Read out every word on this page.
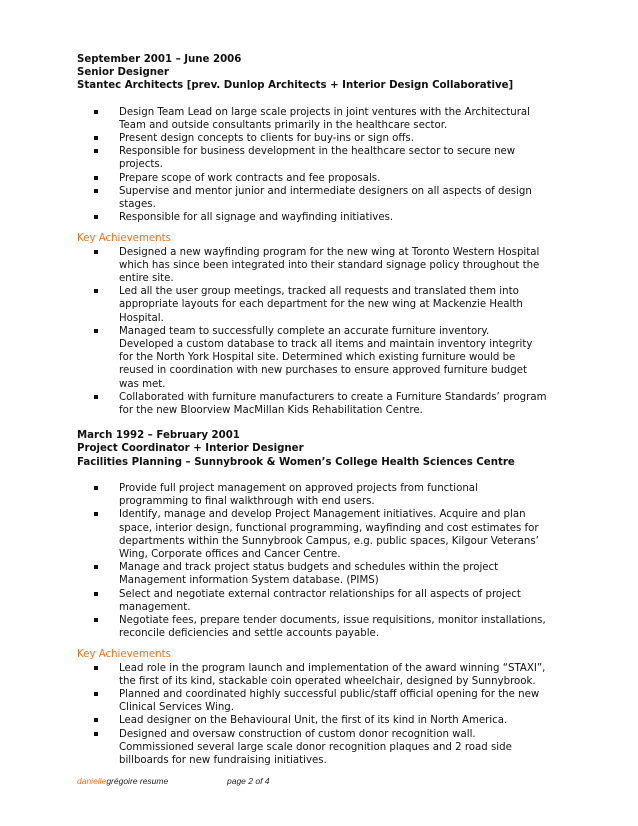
September 2001 – June 2006

Senior Designer

Stantec Architects [prev. Dunlop Architects + Interior Design Collaborative]

Design Team Lead on large scale projects in joint ventures with the Architectural Team and outside consultants primarily in the healthcare sector.
Present design concepts to clients for buy-ins or sign offs.
Responsible for business development in the healthcare sector to secure new projects.
Prepare scope of work contracts and fee proposals.
Supervise and mentor junior and intermediate designers on all aspects of design stages.
Responsible for all signage and wayfinding initiatives.

Key Achievements

Designed a new wayfinding program for the new wing at Toronto Western Hospital which has since been integrated into their standard signage policy throughout the entire site.
Led all the user group meetings, tracked all requests and translated them into appropriate layouts for each department for the new wing at Mackenzie Health Hospital.
Managed team to successfully complete an accurate furniture inventory. Developed a custom database to track all items and maintain inventory integrity for the North York Hospital site. Determined which existing furniture would be reused in coordination with new purchases to ensure approved furniture budget was met.
Collaborated with furniture manufacturers to create a Furniture Standards’ program for the new Bloorview MacMillan Kids Rehabilitation Centre.

March 1992 – February 2001

Project Coordinator + Interior Designer

Facilities Planning – Sunnybrook & Women’s College Health Sciences Centre

Provide full project management on approved projects from functional programming to final walkthrough with end users.
Identify, manage and develop Project Management initiatives. Acquire and plan space, interior design, functional programming, wayfinding and cost estimates for departments within the Sunnybrook Campus, e.g. public spaces, Kilgour Veterans’ Wing, Corporate offices and Cancer Centre.
Manage and track project status budgets and schedules within the project Management information System database. (PIMS)
Select and negotiate external contractor relationships for all aspects of project management.
Negotiate fees, prepare tender documents, issue requisitions, monitor installations, reconcile deficiencies and settle accounts payable.

Key Achievements

Lead role in the program launch and implementation of the award winning “STAXI”, the first of its kind, stackable coin operated wheelchair, designed by Sunnybrook.
Planned and coordinated highly successful public/staff official opening for the new Clinical Services Wing.
Lead designer on the Behavioural Unit, the first of its kind in North America.
Designed and oversaw construction of custom donor recognition wall. Commissioned several large scale donor recognition plaques and 2 road side billboards for new fundraising initiatives.
daniellegrégoire resume	page 2 of 4
